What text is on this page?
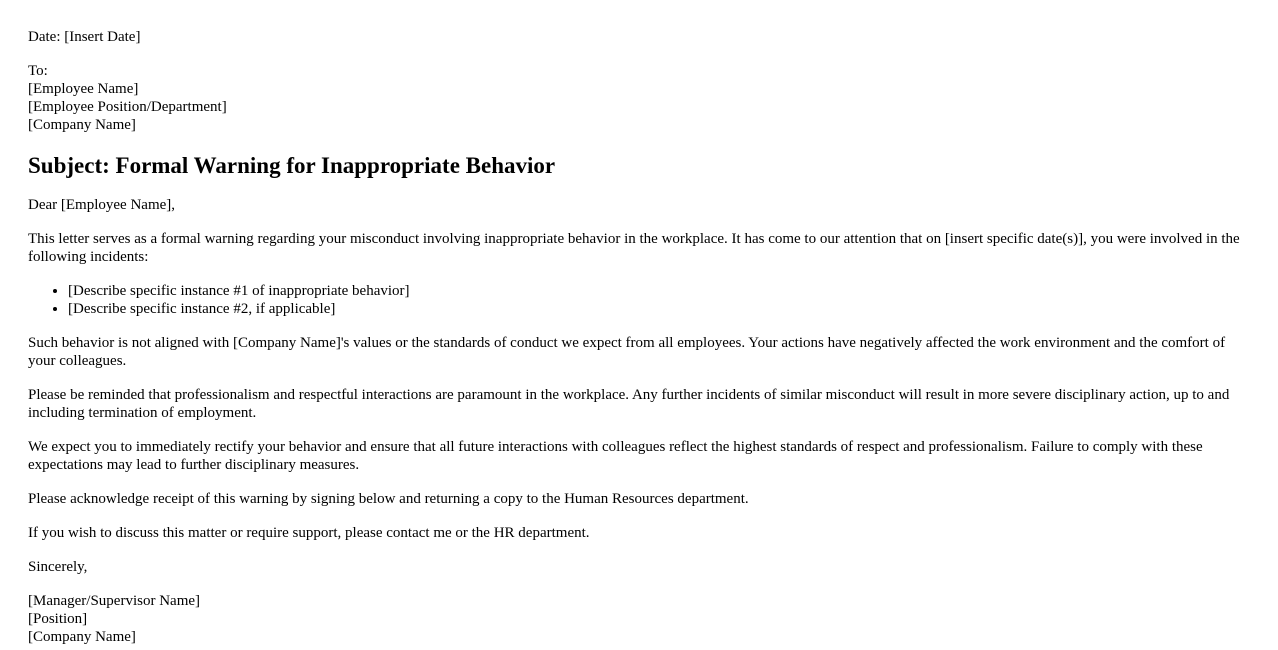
Date: [Insert Date]

To:
[Employee Name]
[Employee Position/Department]
[Company Name]
Subject: Formal Warning for Inappropriate Behavior

Dear [Employee Name],

This letter serves as a formal warning regarding your misconduct involving inappropriate behavior in the workplace. It has come to our attention that on [insert specific date(s)], you were involved in the following incidents:

• [Describe specific instance #1 of inappropriate behavior]
• [Describe specific instance #2, if applicable]

Such behavior is not aligned with [Company Name]'s values or the standards of conduct we expect from all employees. Your actions have negatively affected the work environment and the comfort of your colleagues.

Please be reminded that professionalism and respectful interactions are paramount in the workplace. Any further incidents of similar misconduct will result in more severe disciplinary action, up to and including termination of employment.

We expect you to immediately rectify your behavior and ensure that all future interactions with colleagues reflect the highest standards of respect and professionalism. Failure to comply with these expectations may lead to further disciplinary measures.

Please acknowledge receipt of this warning by signing below and returning a copy to the Human Resources department.

If you wish to discuss this matter or require support, please contact me or the HR department.

Sincerely,

[Manager/Supervisor Name]
[Position]
[Company Name]
